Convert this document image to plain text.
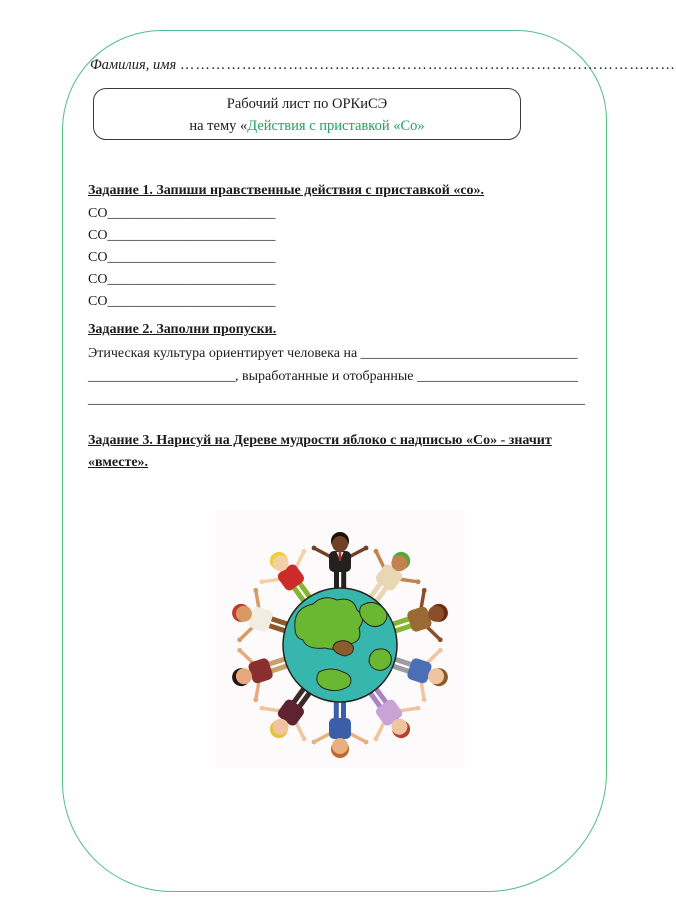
Фамилия, имя ……………………………………………………………………………………
Рабочий лист по ОРКиСЭ
на тему «Действия с приставкой «Со»
Задание 1. Запиши нравственные действия с приставкой «со».
СО________________________
СО________________________
СО________________________
СО________________________
СО________________________
Задание 2. Заполни пропуски.
Этическая культура ориентирует человека на _______________________________
_____________________, выработанные и отобранные _______________________
_______________________________________________________________________
Задание 3. Нарисуй на Дереве мудрости яблоко с надписью «Со» - значит «вместе».
